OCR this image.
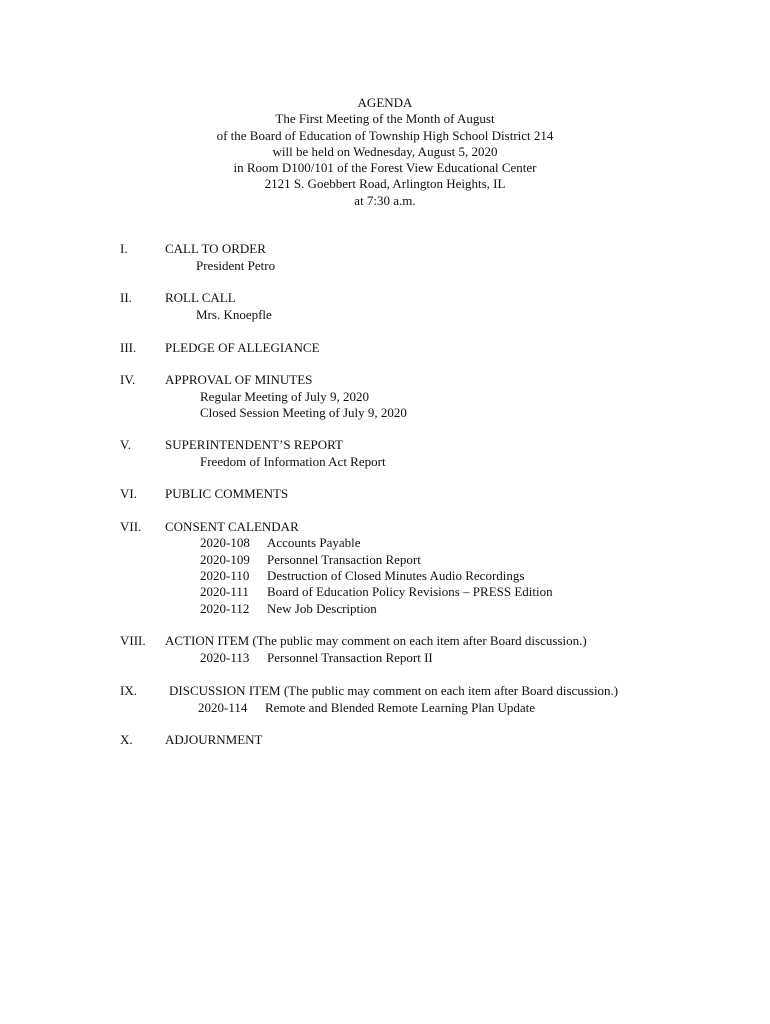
AGENDA
The First Meeting of the Month of August
of the Board of Education of Township High School District 214
will be held on Wednesday, August 5, 2020
in Room D100/101 of the Forest View Educational Center
2121 S. Goebbert Road, Arlington Heights, IL
at 7:30 a.m.
I.	CALL TO ORDER
President Petro
II.	ROLL CALL
Mrs. Knoepfle
III. PLEDGE OF ALLEGIANCE
IV. APPROVAL OF MINUTES
Regular Meeting of July 9, 2020
Closed Session Meeting of July 9, 2020
V.	SUPERINTENDENT’S REPORT
Freedom of Information Act Report
VI. PUBLIC COMMENTS
VII. CONSENT CALENDAR
2020-108 Accounts Payable
2020-109 Personnel Transaction Report
2020-110 Destruction of Closed Minutes Audio Recordings
2020-111 Board of Education Policy Revisions – PRESS Edition
2020-112 New Job Description
VIII. ACTION ITEM (The public may comment on each item after Board discussion.)
2020-113 Personnel Transaction Report II
IX. DISCUSSION ITEM (The public may comment on each item after Board discussion.)
2020-114 Remote and Blended Remote Learning Plan Update
X. ADJOURNMENT
